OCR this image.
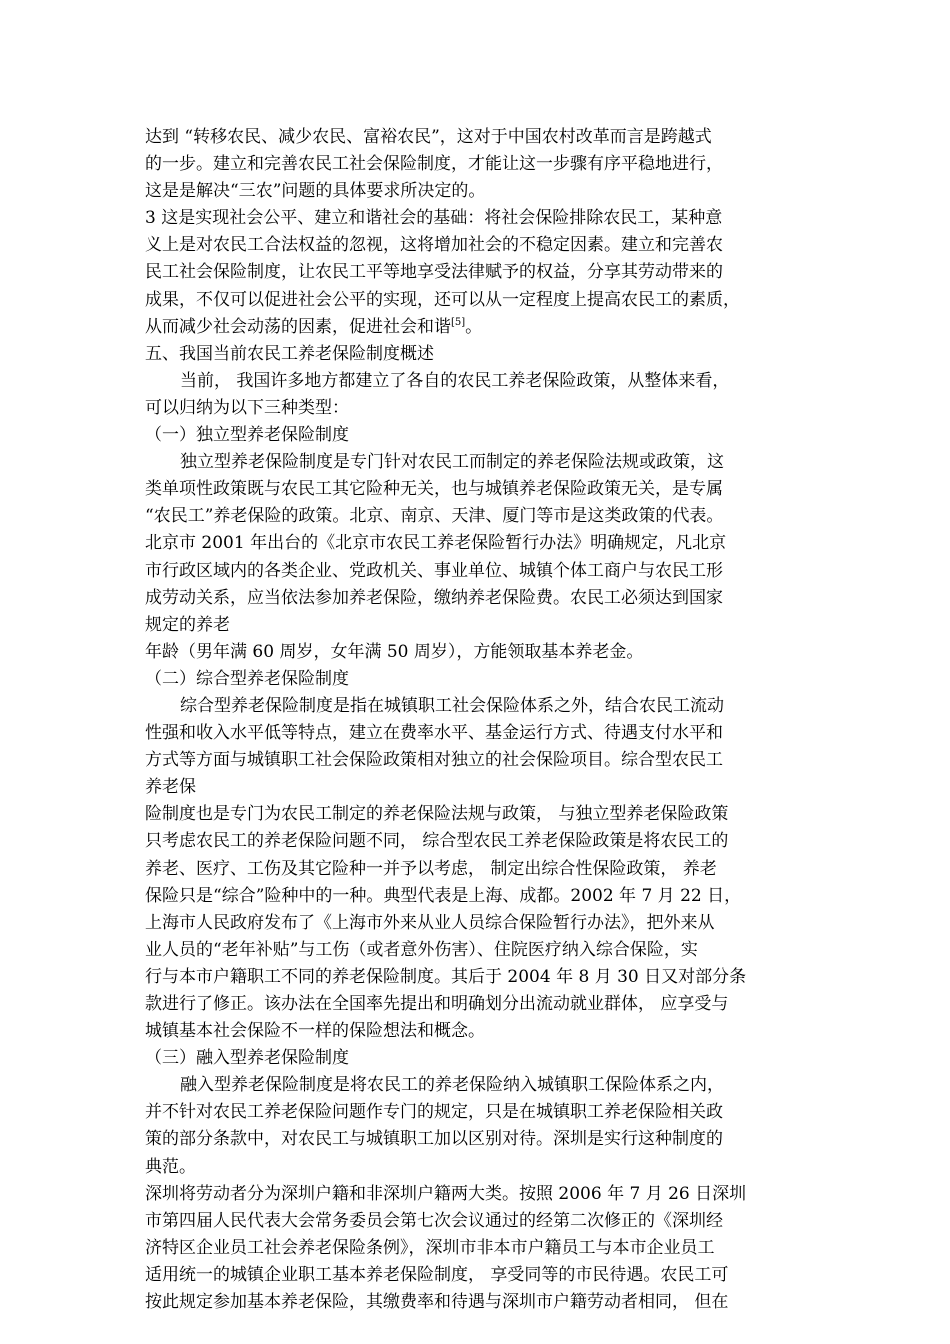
达到 “转移农民、减少农民、富裕农民”，这对于中国农村改革而言是跨越式
的一步。建立和完善农民工社会保险制度，才能让这一步骤有序平稳地进行，
这是是解决“三农”问题的具体要求所决定的。
3 这是实现社会公平、建立和谐社会的基础：将社会保险排除农民工，某种意
义上是对农民工合法权益的忽视，这将增加社会的不稳定因素。建立和完善农
民工社会保险制度，让农民工平等地享受法律赋予的权益，分享其劳动带来的
成果，不仅可以促进社会公平的实现，还可以从一定程度上提高农民工的素质，
从而减少社会动荡的因素，促进社会和谐[5]。
五、我国当前农民工养老保险制度概述
当前， 我国许多地方都建立了各自的农民工养老保险政策，从整体来看，
可以归纳为以下三种类型：
（一）独立型养老保险制度
独立型养老保险制度是专门针对农民工而制定的养老保险法规或政策，这
类单项性政策既与农民工其它险种无关，也与城镇养老保险政策无关，是专属
“农民工”养老保险的政策。北京、南京、天津、厦门等市是这类政策的代表。
北京市 2001 年出台的《北京市农民工养老保险暂行办法》明确规定，凡北京
市行政区域内的各类企业、党政机关、事业单位、城镇个体工商户与农民工形
成劳动关系，应当依法参加养老保险，缴纳养老保险费。农民工必须达到国家
规定的养老
年龄（男年满 60 周岁，女年满 50 周岁），方能领取基本养老金。
（二）综合型养老保险制度
综合型养老保险制度是指在城镇职工社会保险体系之外，结合农民工流动
性强和收入水平低等特点，建立在费率水平、基金运行方式、待遇支付水平和
方式等方面与城镇职工社会保险政策相对独立的社会保险项目。综合型农民工
养老保
险制度也是专门为农民工制定的养老保险法规与政策， 与独立型养老保险政策
只考虑农民工的养老保险问题不同， 综合型农民工养老保险政策是将农民工的
养老、医疗、工伤及其它险种一并予以考虑， 制定出综合性保险政策， 养老
保险只是“综合”险种中的一种。典型代表是上海、成都。2002 年 7 月 22 日，
上海市人民政府发布了《上海市外来从业人员综合保险暂行办法》，把外来从
业人员的“老年补贴”与工伤（或者意外伤害）、住院医疗纳入综合保险，实
行与本市户籍职工不同的养老保险制度。其后于 2004 年 8 月 30 日又对部分条
款进行了修正。该办法在全国率先提出和明确划分出流动就业群体， 应享受与
城镇基本社会保险不一样的保险想法和概念。
（三）融入型养老保险制度
融入型养老保险制度是将农民工的养老保险纳入城镇职工保险体系之内，
并不针对农民工养老保险问题作专门的规定，只是在城镇职工养老保险相关政
策的部分条款中，对农民工与城镇职工加以区别对待。深圳是实行这种制度的
典范。
深圳将劳动者分为深圳户籍和非深圳户籍两大类。按照 2006 年 7 月 26 日深圳
市第四届人民代表大会常务委员会第七次会议通过的经第二次修正的《深圳经
济特区企业员工社会养老保险条例》，深圳市非本市户籍员工与本市企业员工
适用统一的城镇企业职工基本养老保险制度， 享受同等的市民待遇。农民工可
按此规定参加基本养老保险，其缴费率和待遇与深圳市户籍劳动者相同， 但在
